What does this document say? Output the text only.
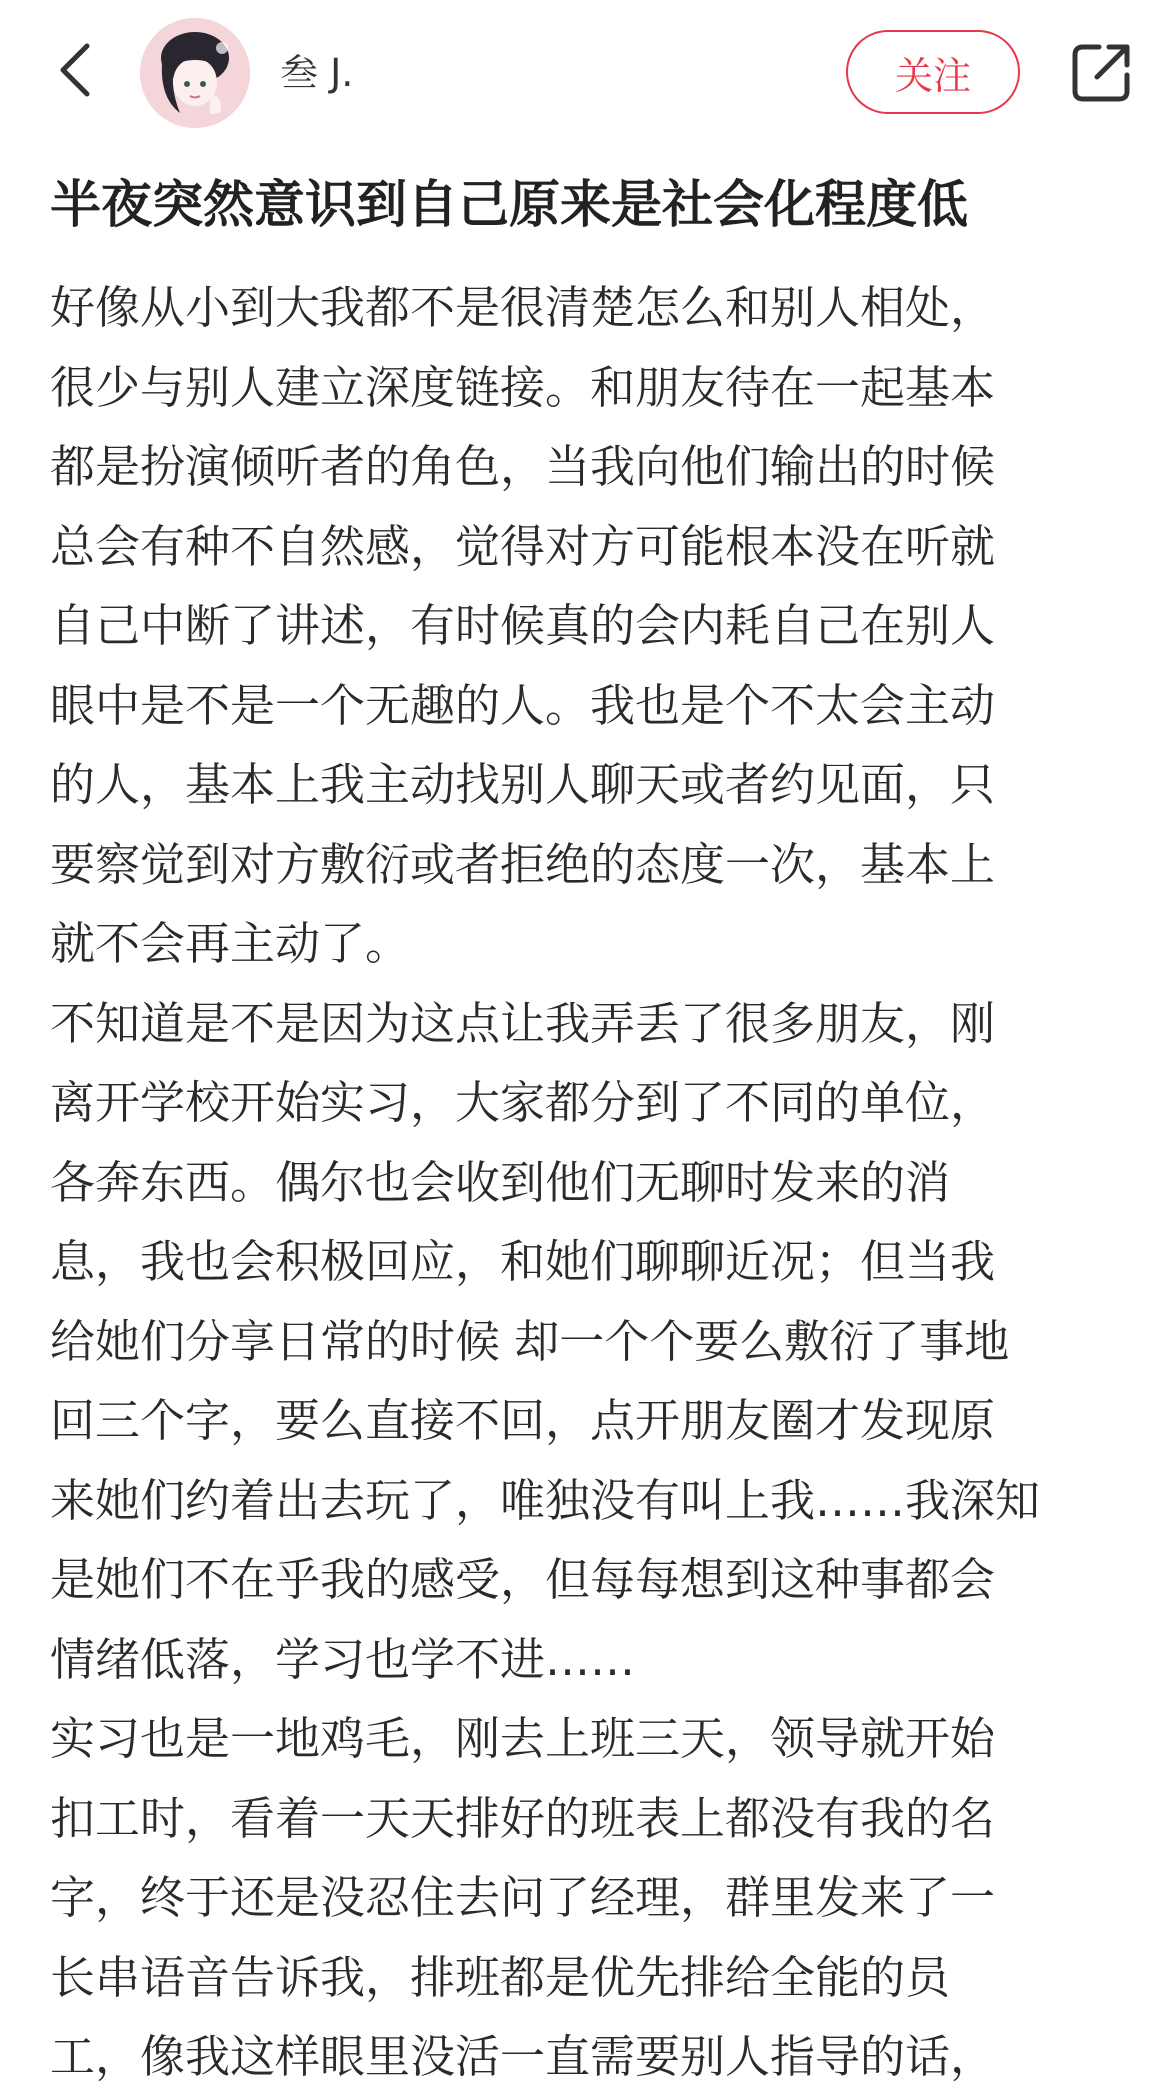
叁 J.	关注
半夜突然意识到自己原来是社会化程度低
好像从小到大我都不是很清楚怎么和别人相处，
很少与别人建立深度链接。和朋友待在一起基本
都是扮演倾听者的角色，当我向他们输出的时候
总会有种不自然感，觉得对方可能根本没在听就
自己中断了讲述，有时候真的会内耗自己在别人
眼中是不是一个无趣的人。我也是个不太会主动
的人，基本上我主动找别人聊天或者约见面，只
要察觉到对方敷衍或者拒绝的态度一次，基本上
就不会再主动了。
不知道是不是因为这点让我弄丢了很多朋友，刚
离开学校开始实习，大家都分到了不同的单位，
各奔东西。偶尔也会收到他们无聊时发来的消
息，我也会积极回应，和她们聊聊近况；但当我
给她们分享日常的时候 却一个个要么敷衍了事地
回三个字，要么直接不回，点开朋友圈才发现原
来她们约着出去玩了，唯独没有叫上我……我深知
是她们不在乎我的感受，但每每想到这种事都会
情绪低落，学习也学不进……
实习也是一地鸡毛，刚去上班三天，领导就开始
扣工时，看着一天天排好的班表上都没有我的名
字，终于还是没忍住去问了经理，群里发来了一
长串语音告诉我，排班都是优先排给全能的员
工，像我这样眼里没活一直需要别人指导的话，
